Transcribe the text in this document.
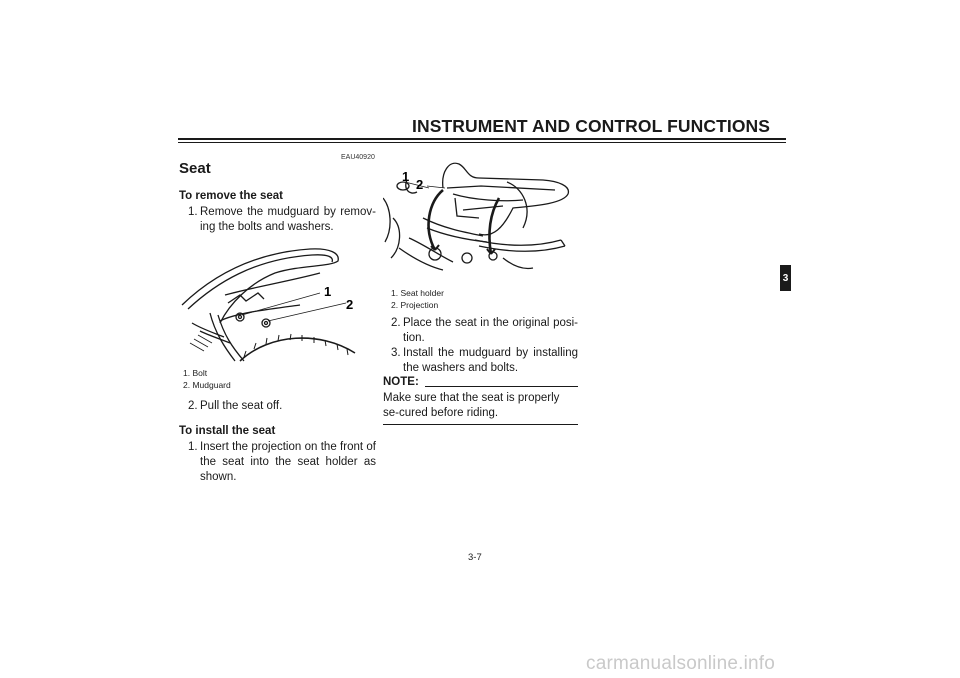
INSTRUMENT AND CONTROL FUNCTIONS
EAU40920
Seat
To remove the seat
1. Remove the mudguard by remov-ing the bolts and washers.
1
2
1. Bolt
2. Mudguard
2. Pull the seat off.
To install the seat
1. Insert the projection on the front of the seat into the seat holder as shown.
1
2
1. Seat holder
2. Projection
2. Place the seat in the original posi-tion.
3. Install the mudguard by installing the washers and bolts.
NOTE:
Make sure that the seat is properly se-cured before riding.
3-7
3
carmanualsonline.info
